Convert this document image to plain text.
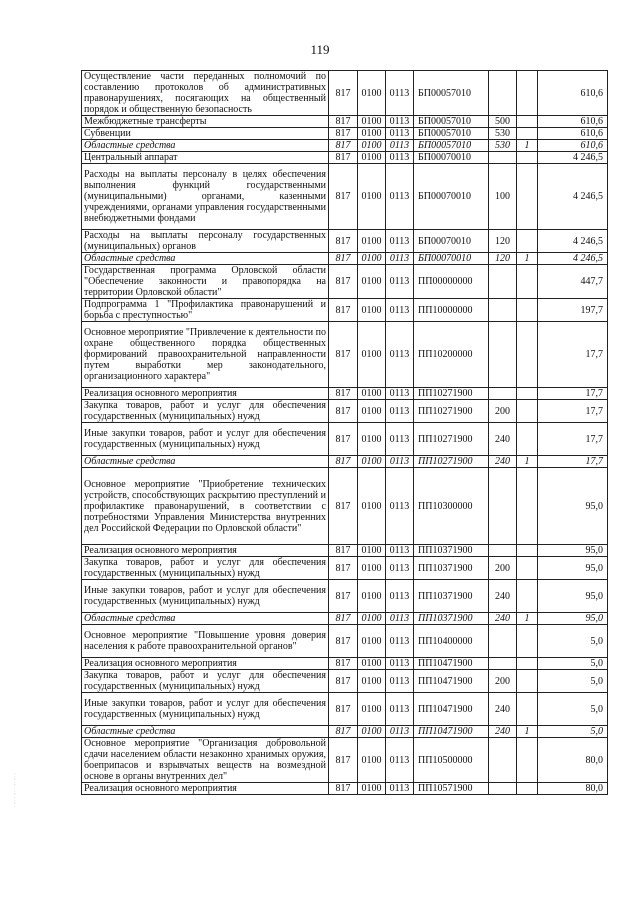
119
Осуществление части переданных полномочий по составлению протоколов об административных правонарушениях, посягающих на общественный порядок и общественную безопасность	817	0100	0113	БП00057010			610,6
Межбюджетные трансферты	817	0100	0113	БП00057010	500		610,6
Субвенции	817	0100	0113	БП00057010	530		610,6
Областные средства	817	0100	0113	БП00057010	530	1	610,6
Центральный аппарат	817	0100	0113	БП00070010			4 246,5
Расходы на выплаты персоналу в целях обеспечения выполнения функций государственными (муниципальными) органами, казенными учреждениями, органами управления государственными внебюджетными фондами	817	0100	0113	БП00070010	100		4 246,5
Расходы на выплаты персоналу государственных (муниципальных) органов	817	0100	0113	БП00070010	120		4 246,5
Областные средства	817	0100	0113	БП00070010	120	1	4 246,5
Государственная программа Орловской области "Обеспечение законности и правопорядка на территории Орловской области"	817	0100	0113	ПП00000000			447,7
Подпрограмма 1 "Профилактика правонарушений и борьба с преступностью"	817	0100	0113	ПП10000000			197,7
Основное мероприятие "Привлечение к деятельности по охране общественного порядка общественных формирований правоохранительной направленности путем выработки мер законодательного, организационного характера"	817	0100	0113	ПП10200000			17,7
Реализация основного мероприятия	817	0100	0113	ПП10271900			17,7
Закупка товаров, работ и услуг для обеспечения государственных (муниципальных) нужд	817	0100	0113	ПП10271900	200		17,7
Иные закупки товаров, работ и услуг для обеспечения государственных (муниципальных) нужд	817	0100	0113	ПП10271900	240		17,7
Областные средства	817	0100	0113	ПП10271900	240	1	17,7
Основное мероприятие "Приобретение технических устройств, способствующих раскрытию преступлений и профилактике правонарушений, в соответствии с потребностями Управления Министерства внутренних дел Российской Федерации по Орловской области"	817	0100	0113	ПП10300000			95,0
Реализация основного мероприятия	817	0100	0113	ПП10371900			95,0
Закупка товаров, работ и услуг для обеспечения государственных (муниципальных) нужд	817	0100	0113	ПП10371900	200		95,0
Иные закупки товаров, работ и услуг для обеспечения государственных (муниципальных) нужд	817	0100	0113	ПП10371900	240		95,0
Областные средства	817	0100	0113	ПП10371900	240	1	95,0
Основное мероприятие "Повышение уровня доверия населения к работе правоохранительной органов"	817	0100	0113	ПП10400000			5,0
Реализация основного мероприятия	817	0100	0113	ПП10471900			5,0
Закупка товаров, работ и услуг для обеспечения государственных (муниципальных) нужд	817	0100	0113	ПП10471900	200		5,0
Иные закупки товаров, работ и услуг для обеспечения государственных (муниципальных) нужд	817	0100	0113	ПП10471900	240		5,0
Областные средства	817	0100	0113	ПП10471900	240	1	5,0
Основное мероприятие "Организация добровольной сдачи населением области незаконно хранимых оружия, боеприпасов и взрывчатых веществ на возмездной основе в органы внутренних дел"	817	0100	0113	ПП10500000			80,0
Реализация основного мероприятия	817	0100	0113	ПП10571900			80,0
.
.
:
.
:
.
.
:
.
.
:
.
